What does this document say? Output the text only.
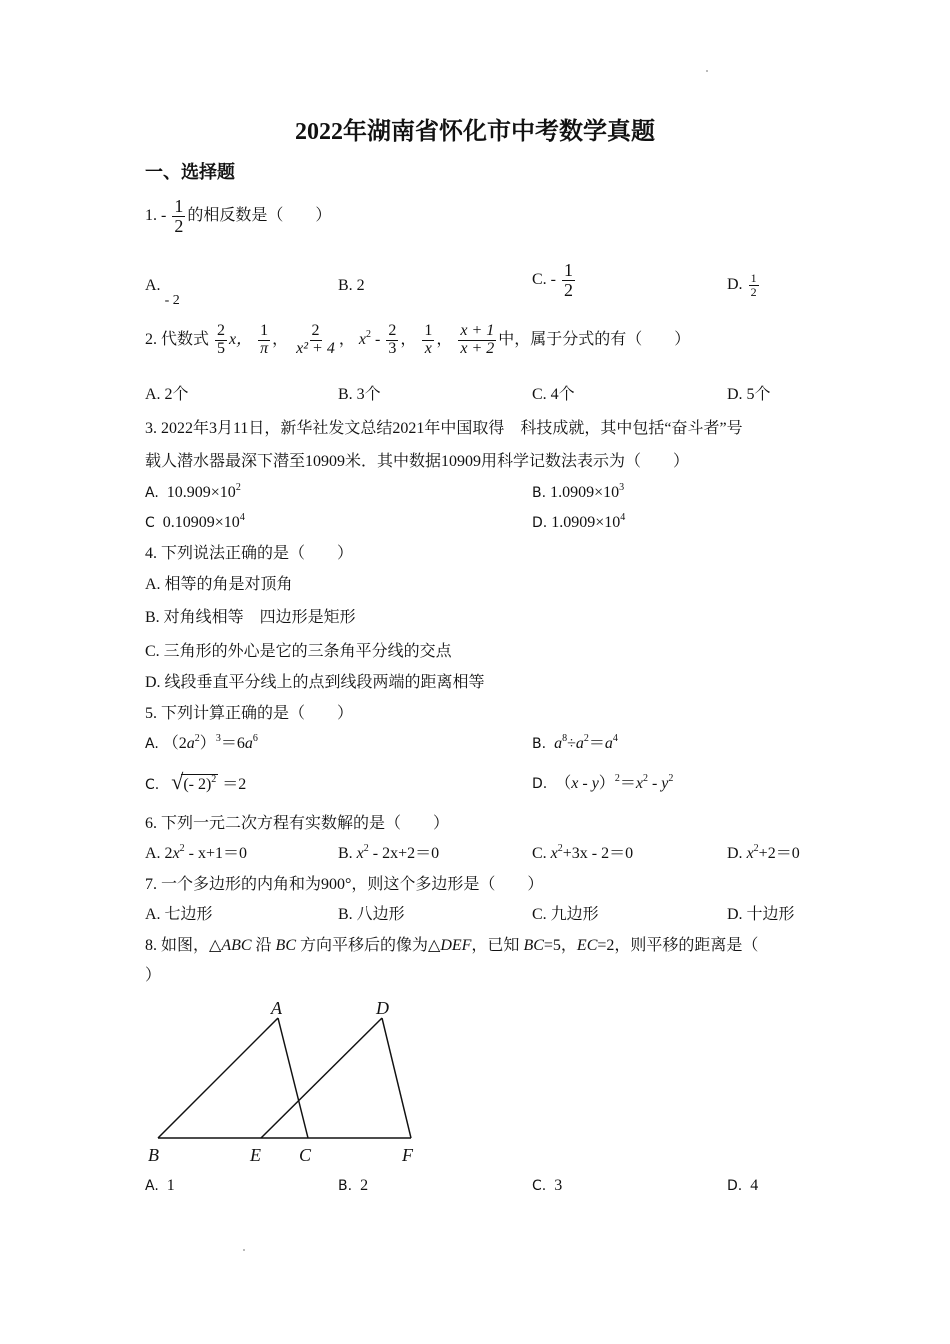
2022年湖南省怀化市中考数学真题
一、选择题
1. - $\frac{1}{2}$ 的相反数是（　　）
A. - 2
B. 2	C. - $\frac{1}{2}$	D. $\frac{1}{2}$
2. 代数式 $\frac{2}{5}$ x， $\frac{1}{\pi}$ ， $\frac{2}{\text{x² + 4}}$ ， $x^2 - \frac{2}{3}$ ， $\frac{1}{x}$ ， $\frac{x + 1}{x + 2}$ 中，属于分式的有（　　）
A. 2个	B. 3个	C. 4个	D. 5个
3. 2022年3月11日，新华社发文总结2021年中国取得　科技成就，其中包括“奋斗者”号
载人潜水器最深下潜至10909米．其中数据10909用科学记数法表示为（　　）
A. $10.909\times 10^2$	B. $1.0909\times 10^3$
C $0.10909\times 10^4$	D. $1.0909\times 10^4$
4. 下列说法正确的是（　　）
A. 相等的角是对顶角
B. 对角线相等　四边形是矩形
C. 三角形的外心是它的三条角平分线的交点
D. 线段垂直平分线上的点到线段两端的距离相等
5. 下列计算正确的是（　　）
A. $(2a^2)^3=6a^6$	B. $a^8\div a^2=a^4$
C. √(- 2)$^2$ ＝2	D. $(x - y)^2=x^2 - y^2$
6. 下列一元二次方程有实数解的是（　　）
A. $2x^2 - x+1=0$	B. $x^2 - 2x+2=0$	C. $x^2+3x - 2=0$	D. $x^2+2=0$
7. 一个多边形的内角和为900°，则这个多边形是（　　）
A. 七边形	B. 八边形	C. 九边形	D. 十边形
8. 如图，△ABC 沿 BC 方向平移后的像为△DEF，已知 BC=5，EC=2，则平移的距离是（
）
A	D
B	E C	F
A. 1	B. 2	C. 3	D. 4
